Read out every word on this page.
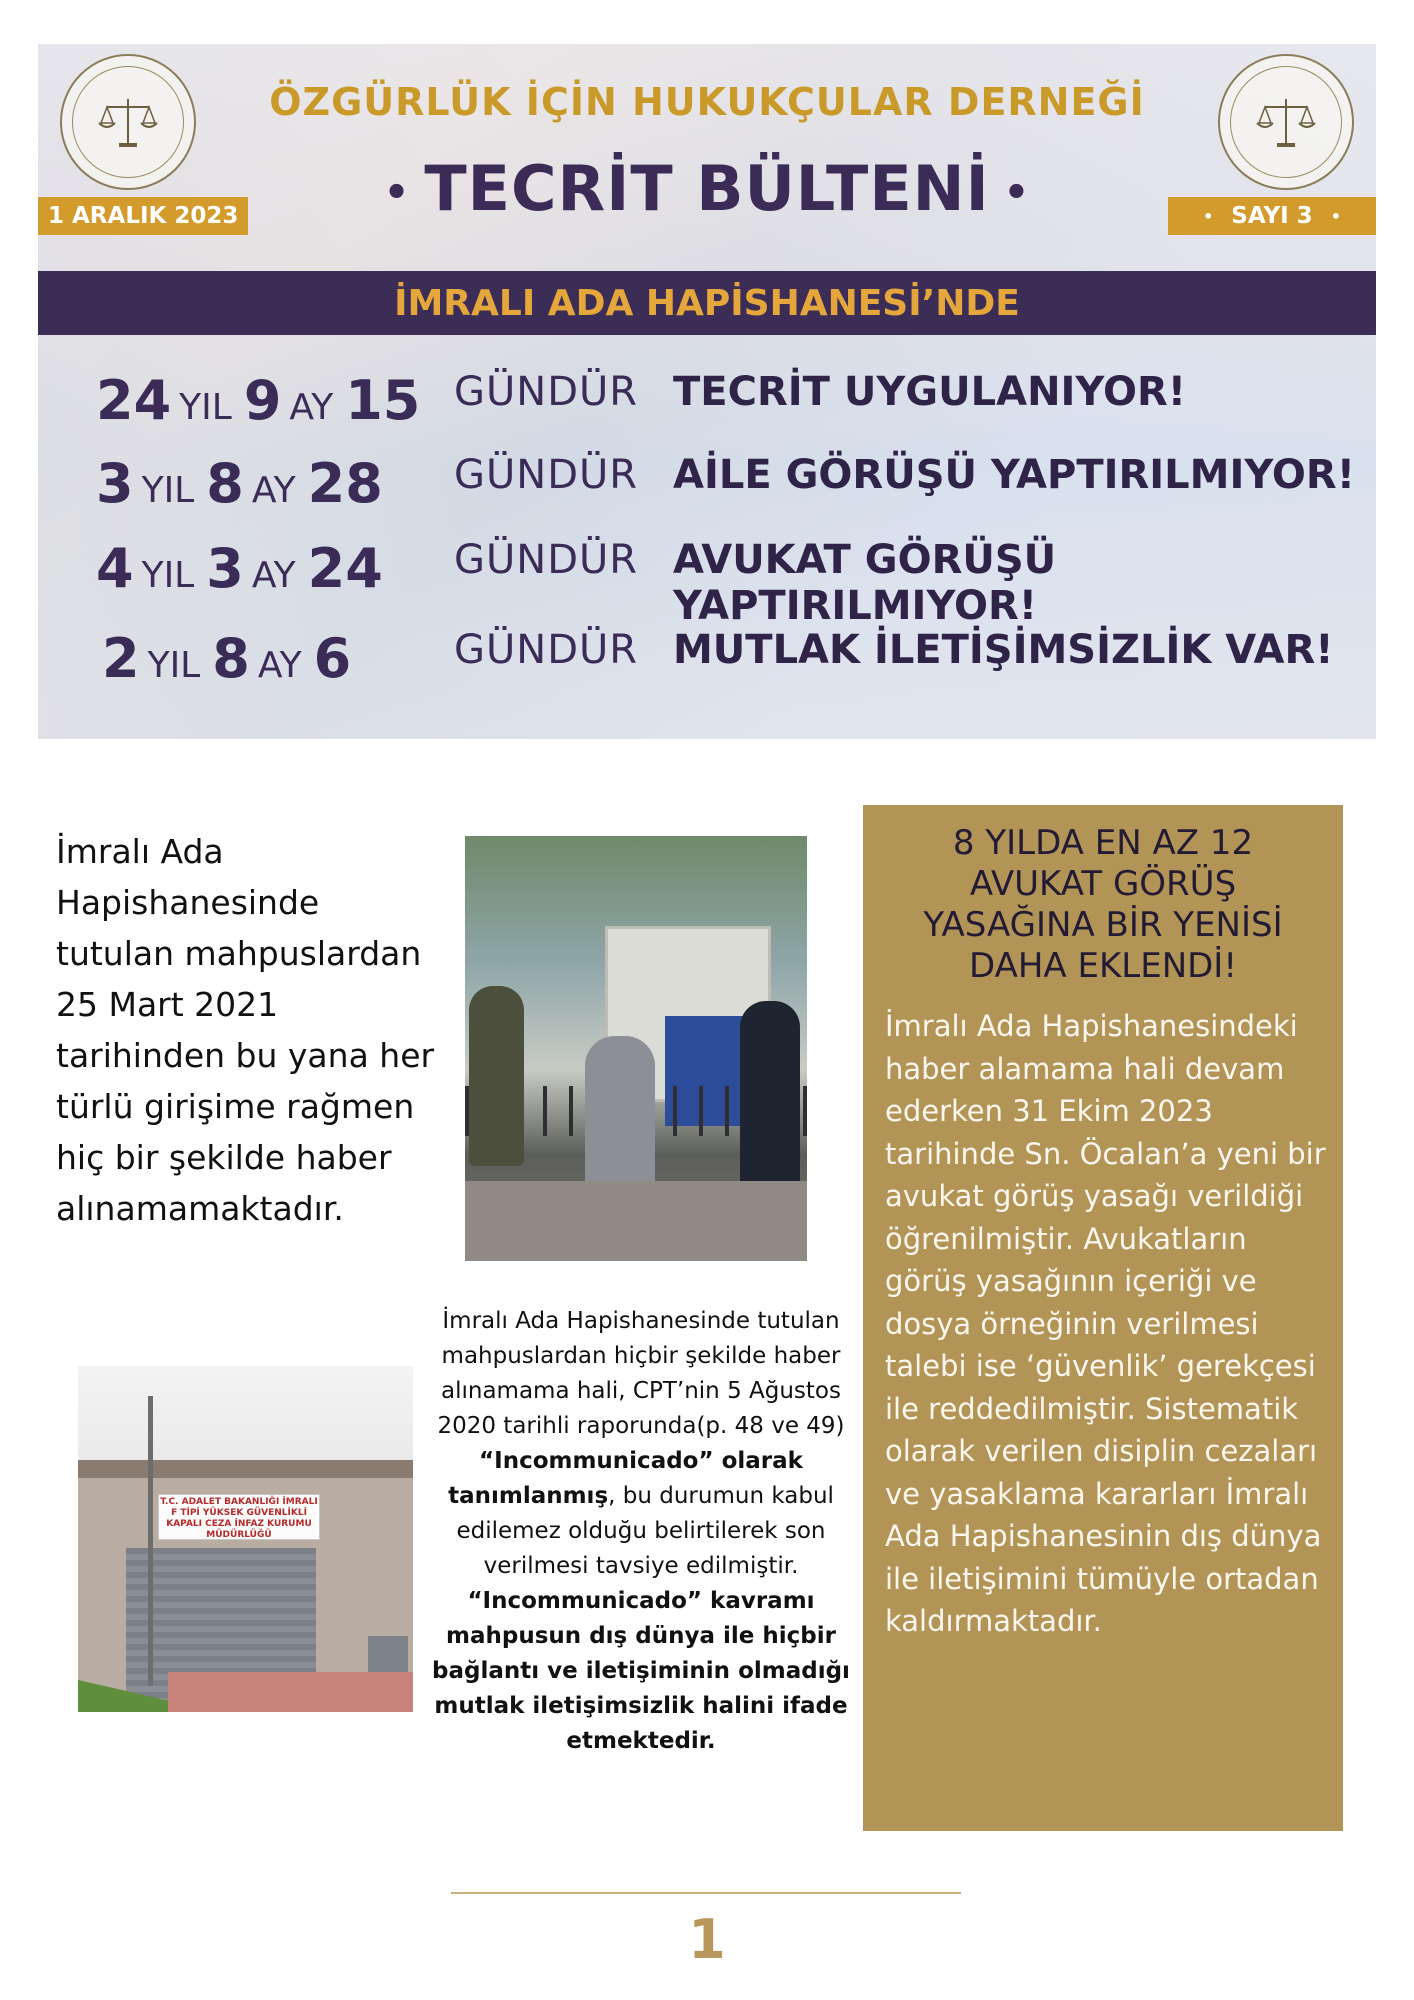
ÖZGÜRLÜK İÇİN HUKUKÇULAR DERNEĞİ
• TECRİT BÜLTENİ •
1 ARALIK 2023	• SAYI 3	•
İMRALI ADA HAPİSHANESİ’NDE
24 YIL 9 AY 15 GÜNDÜR TECRİT UYGULANIYOR!
3 YIL 8 AY 28 GÜNDÜR AİLE GÖRÜŞÜ YAPTIRILMIYOR!
4 YIL 3 AY 24 GÜNDÜR AVUKAT GÖRÜŞÜ YAPTIRILMIYOR!
2 YIL 8 AY 6	GÜNDÜR MUTLAK İLETİŞİMSİZLİK VAR!
İmralı Ada Hapishanesinde tutulan mahpuslardan 25 Mart 2021 tarihinden bu yana her türlü girişime rağmen hiç bir şekilde haber alınamamaktadır.
T.C. ADALET BAKANLIĞI İMRALI F TİPİ YÜKSEK GÜVENLİKLİ KAPALI CEZA İNFAZ KURUMU MÜDÜRLÜĞÜ
İmralı Ada Hapishanesinde tutulan mahpuslardan hiçbir şekilde haber alınamama hali, CPT’nin 5 Ağustos 2020 tarihli raporunda(p. 48 ve 49) “Incommunicado” olarak tanımlanmış, bu durumun kabul edilemez olduğu belirtilerek son verilmesi tavsiye edilmiştir. “Incommunicado” kavramı mahpusun dış dünya ile hiçbir bağlantı ve iletişiminin olmadığı mutlak iletişimsizlik halini ifade etmektedir.
8 YILDA EN AZ 12
AVUKAT GÖRÜŞ
YASAĞINA BİR YENİSİ
DAHA EKLENDİ!
İmralı Ada Hapishanesindeki haber alamama hali devam ederken 31 Ekim 2023 tarihinde Sn. Öcalan’a yeni bir avukat görüş yasağı verildiği öğrenilmiştir. Avukatların görüş yasağının içeriği ve dosya örneğinin verilmesi talebi ise ‘güvenlik’ gerekçesi ile reddedilmiştir. Sistematik olarak verilen disiplin cezaları ve yasaklama kararları İmralı Ada Hapishanesinin dış dünya ile iletişimini tümüyle ortadan kaldırmaktadır.
1
